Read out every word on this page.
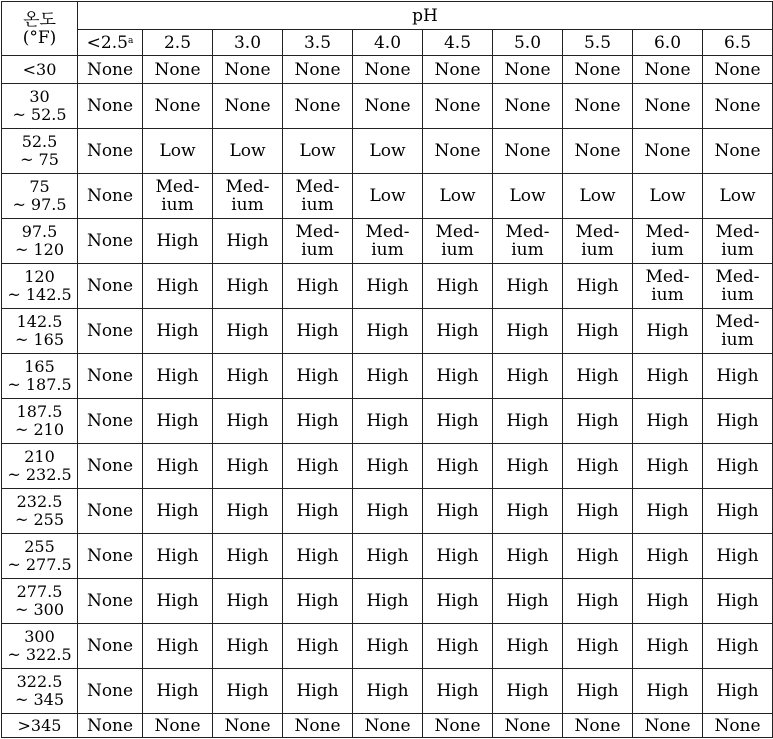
온도
(°F)	pH									
	<2.5$^a$	2.5	3.0	3.5	4.0	4.5	5.0	5.5	6.0	6.5

<30	None	None	None	None	None	None	None	None	None	None

30
~ 52.5	None	None	None	None	None	None	None	None	None	None

52.5
~ 75	None	Low	Low	Low	Low	None	None	None	None	None

75
~ 97.5	None	Med-
ium	Med-
ium	Med-
ium	Low	Low	Low	Low	Low	Low

97.5
~ 120	None	High	High	Med-
ium	Med-
ium	Med-
ium	Med-
ium	Med-
ium	Med-
ium	Med-
ium

120
~ 142.5	None	High	High	High	High	High	High	High	Med-
ium	Med-
ium

142.5
~ 165	None	High	High	High	High	High	High	High	High	Med-
ium

165
~ 187.5	None	High	High	High	High	High	High	High	High	High

187.5
~ 210	None	High	High	High	High	High	High	High	High	High

210
~ 232.5	None	High	High	High	High	High	High	High	High	High

232.5
~ 255	None	High	High	High	High	High	High	High	High	High

255
~ 277.5	None	High	High	High	High	High	High	High	High	High

277.5
~ 300	None	High	High	High	High	High	High	High	High	High

300
~ 322.5	None	High	High	High	High	High	High	High	High	High

322.5
~ 345	None	High	High	High	High	High	High	High	High	High

>345	None	None	None	None	None	None	None	None	None	None
